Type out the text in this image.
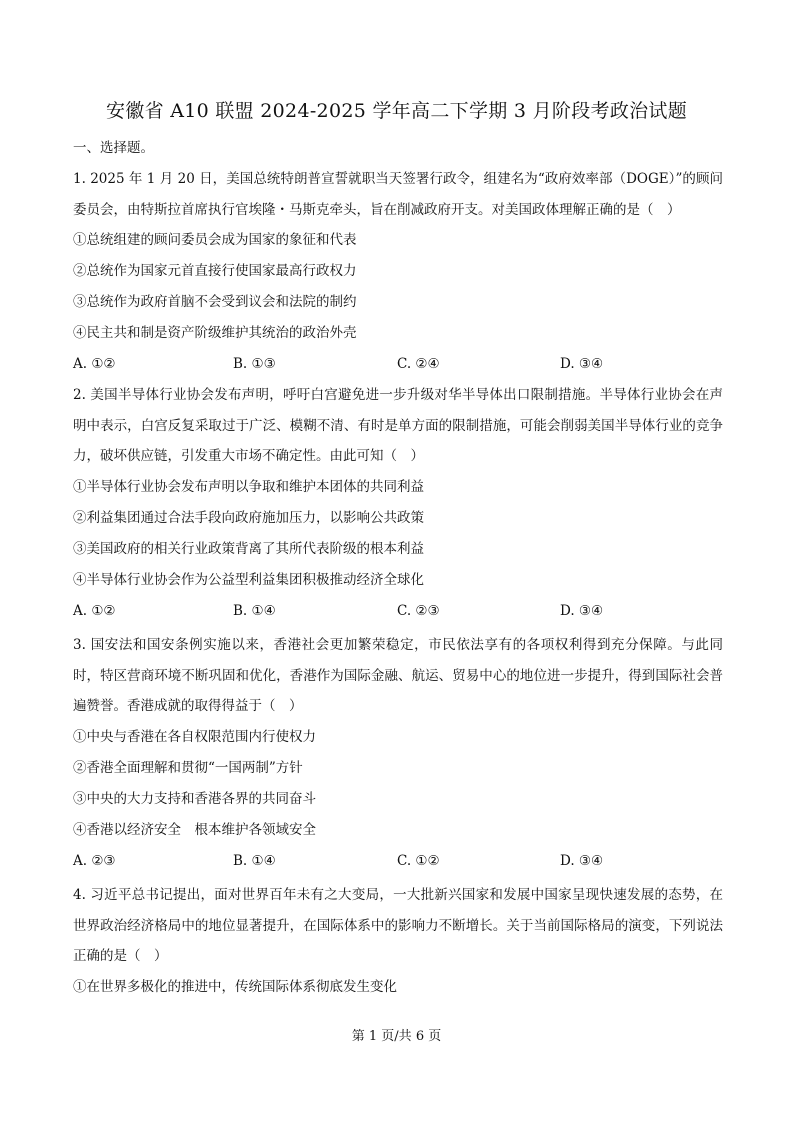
安徽省 A10 联盟 2024-2025 学年高二下学期 3 月阶段考政治试题
一、选择题。
1. 2025 年 1 月 20 日，美国总统特朗普宣誓就职当天签署行政令，组建名为“政府效率部（DOGE）”的顾问委员会，由特斯拉首席执行官埃隆・马斯克牵头，旨在削减政府开支。对美国政体理解正确的是（　）
①总统组建的顾问委员会成为国家的象征和代表
②总统作为国家元首直接行使国家最高行政权力
③总统作为政府首脑不会受到议会和法院的制约
④民主共和制是资产阶级维护其统治的政治外壳
A. ①②	B. ①③	C. ②④	D. ③④
2. 美国半导体行业协会发布声明，呼吁白宫避免进一步升级对华半导体出口限制措施。半导体行业协会在声明中表示，白宫反复采取过于广泛、模糊不清、有时是单方面的限制措施，可能会削弱美国半导体行业的竞争力，破坏供应链，引发重大市场不确定性。由此可知（　）
①半导体行业协会发布声明以争取和维护本团体的共同利益
②利益集团通过合法手段向政府施加压力，以影响公共政策
③美国政府的相关行业政策背离了其所代表阶级的根本利益
④半导体行业协会作为公益型利益集团积极推动经济全球化
A. ①②	B. ①④	C. ②③	D. ③④
3. 国安法和国安条例实施以来，香港社会更加繁荣稳定，市民依法享有的各项权利得到充分保障。与此同时，特区营商环境不断巩固和优化，香港作为国际金融、航运、贸易中心的地位进一步提升，得到国际社会普遍赞誉。香港成就的取得得益于（　）
①中央与香港在各自权限范围内行使权力
②香港全面理解和贯彻“一国两制”方针
③中央的大力支持和香港各界的共同奋斗
④香港以经济安全　根本维护各领域安全
A. ②③	B. ①④	C. ①②	D. ③④
4. 习近平总书记提出，面对世界百年未有之大变局，一大批新兴国家和发展中国家呈现快速发展的态势，在世界政治经济格局中的地位显著提升，在国际体系中的影响力不断增长。关于当前国际格局的演变，下列说法正确的是（　）
①在世界多极化的推进中，传统国际体系彻底发生变化
第 1 页/共 6 页
